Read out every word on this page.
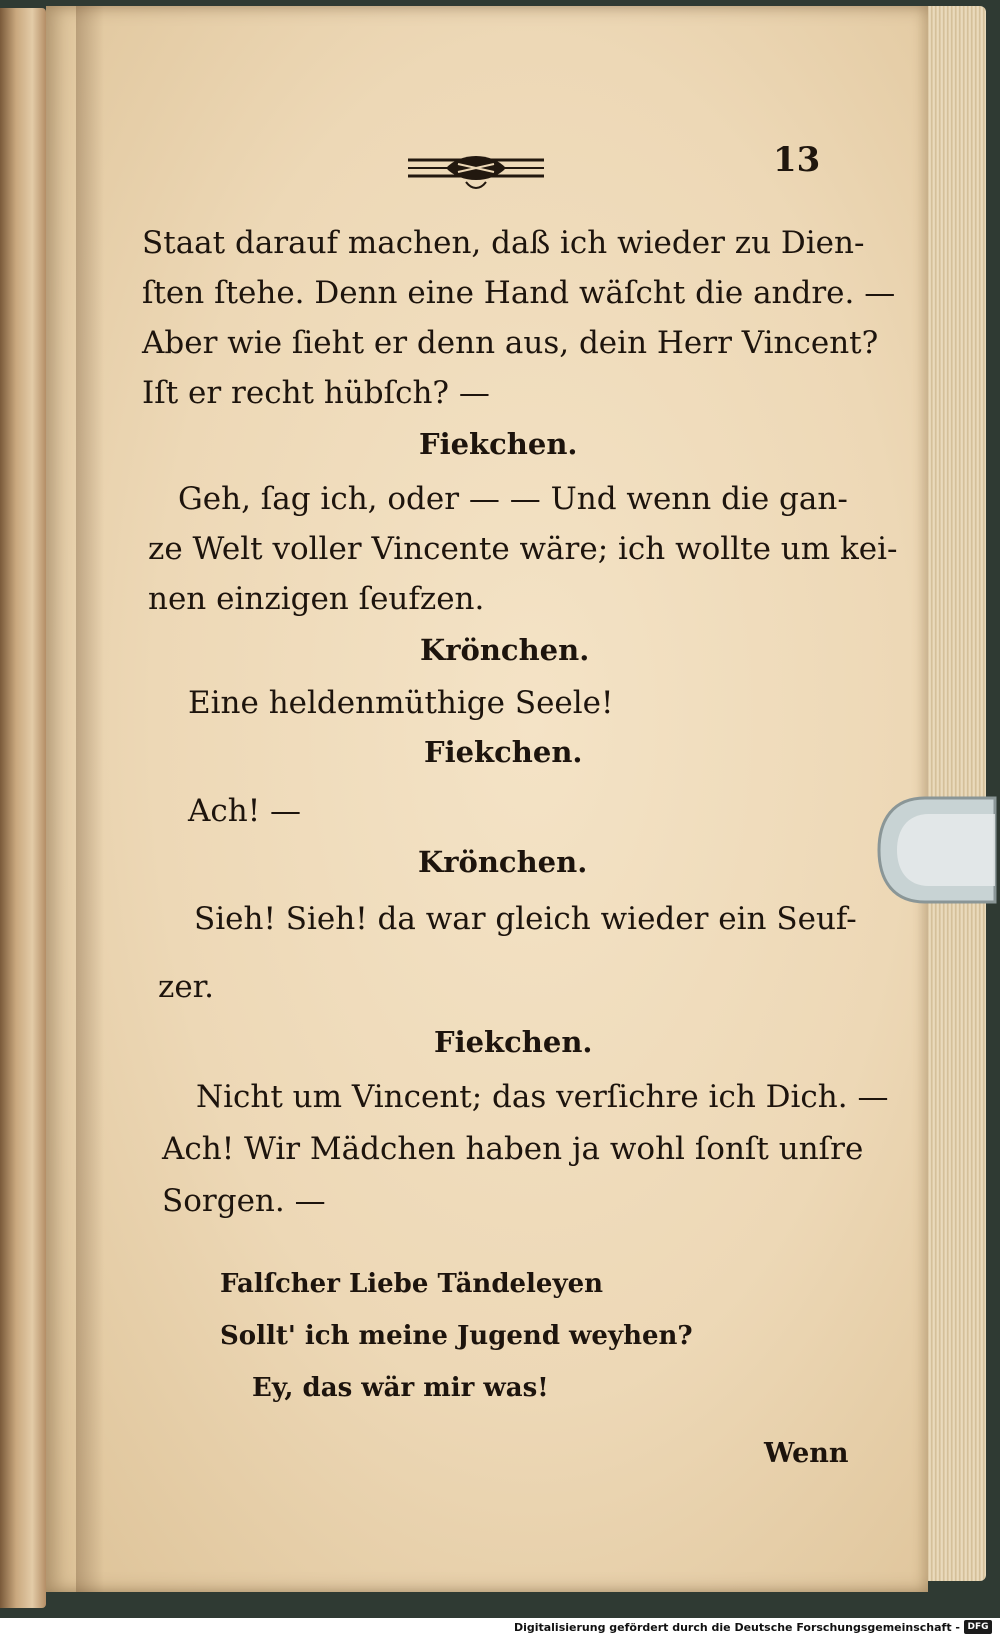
13
Staat darauf machen, daß ich wieder zu Dien-
ſten ſtehe. Denn eine Hand wäſcht die andre. —
Aber wie ſieht er denn aus, dein Herr Vincent?
Iſt er recht hübſch? —
Fiekchen.
Geh, ſag ich, oder — — Und wenn die gan-
ze Welt voller Vincente wäre; ich wollte um kei-
nen einzigen ſeufzen.
Krönchen.
Eine heldenmüthige Seele!
Fiekchen.
Ach! —
Krönchen.
Sieh! Sieh! da war gleich wieder ein Seuf-
zer.
Fiekchen.
Nicht um Vincent; das verſichre ich Dich. —
Ach! Wir Mädchen haben ja wohl ſonſt unſre
Sorgen. —
Falſcher Liebe Tändeleyen
Sollt' ich meine Jugend weyhen?
Ey, das wär mir was!
Wenn
Digitalisierung gefördert durch die Deutsche Forschungsgemeinschaft - DFG
